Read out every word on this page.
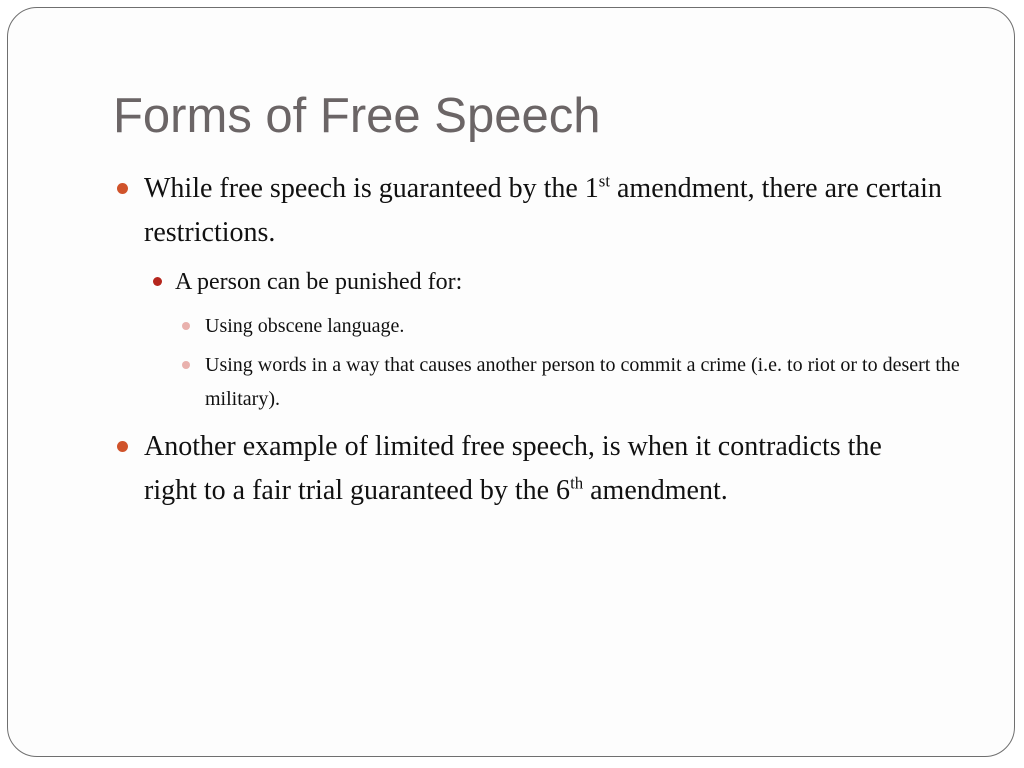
Forms of Free Speech
While free speech is guaranteed by the 1st amendment, there are certain restrictions.
A person can be punished for:
Using obscene language.
Using words in a way that causes another person to commit a crime (i.e. to riot or to desert the military).
Another example of limited free speech, is when it contradicts the right to a fair trial guaranteed by the 6th amendment.
